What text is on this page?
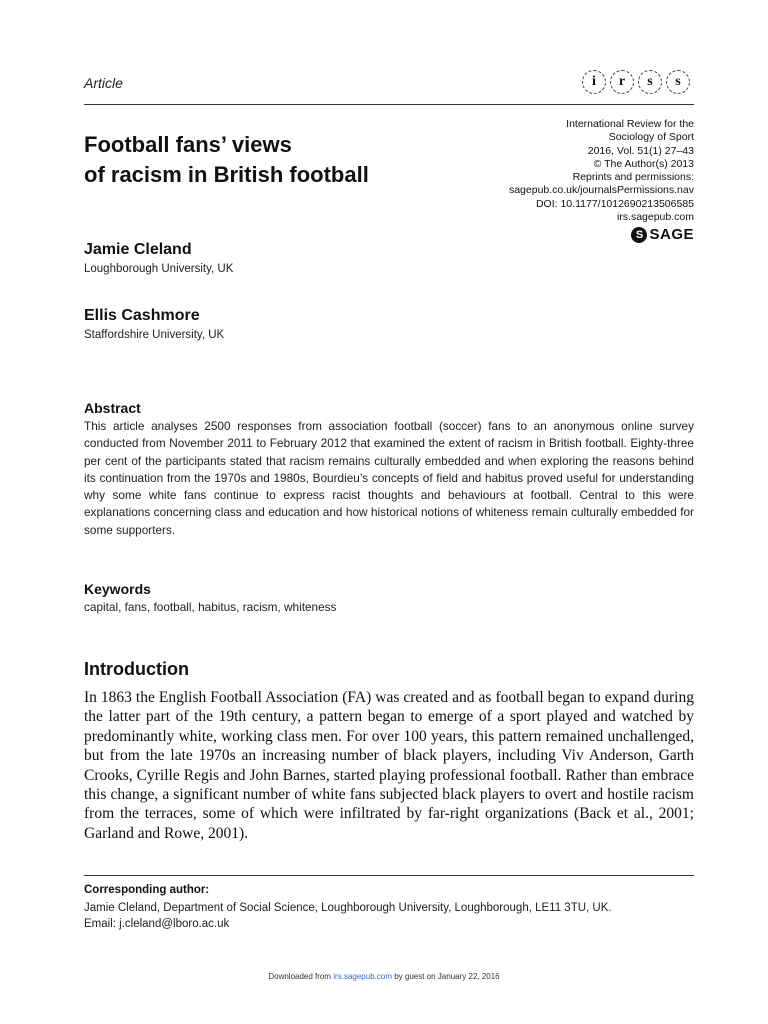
Article	i	r	s	s
Football fans’ views
of racism in British football
International Review for the
Sociology of Sport
2016, Vol. 51(1) 27–43
© The Author(s) 2013
Reprints and permissions:
sagepub.co.uk/journalsPermissions.nav
DOI: 10.1177/1012690213506585
irs.sagepub.com
S SAGE
Jamie Cleland
Loughborough University, UK
Ellis Cashmore
Staffordshire University, UK
Abstract
This article analyses 2500 responses from association football (soccer) fans to an anonymous online survey conducted from November 2011 to February 2012 that examined the extent of racism in British football. Eighty-three per cent of the participants stated that racism remains culturally embedded and when exploring the reasons behind its continuation from the 1970s and 1980s, Bourdieu’s concepts of field and habitus proved useful for understanding why some white fans continue to express racist thoughts and behaviours at football. Central to this were explanations concerning class and education and how historical notions of whiteness remain culturally embedded for some supporters.
Keywords
capital, fans, football, habitus, racism, whiteness
Introduction
In 1863 the English Football Association (FA) was created and as football began to expand during the latter part of the 19th century, a pattern began to emerge of a sport played and watched by predominantly white, working class men. For over 100 years, this pattern remained unchallenged, but from the late 1970s an increasing number of black players, including Viv Anderson, Garth Crooks, Cyrille Regis and John Barnes, started playing professional football. Rather than embrace this change, a significant number of white fans subjected black players to overt and hostile racism from the terraces, some of which were infiltrated by far-right organizations (Back et al., 2001; Garland and Rowe, 2001).
Corresponding author:
Jamie Cleland, Department of Social Science, Loughborough University, Loughborough, LE11 3TU, UK.
Email: j.cleland@lboro.ac.uk
Downloaded from irs.sagepub.com by guest on January 22, 2016
